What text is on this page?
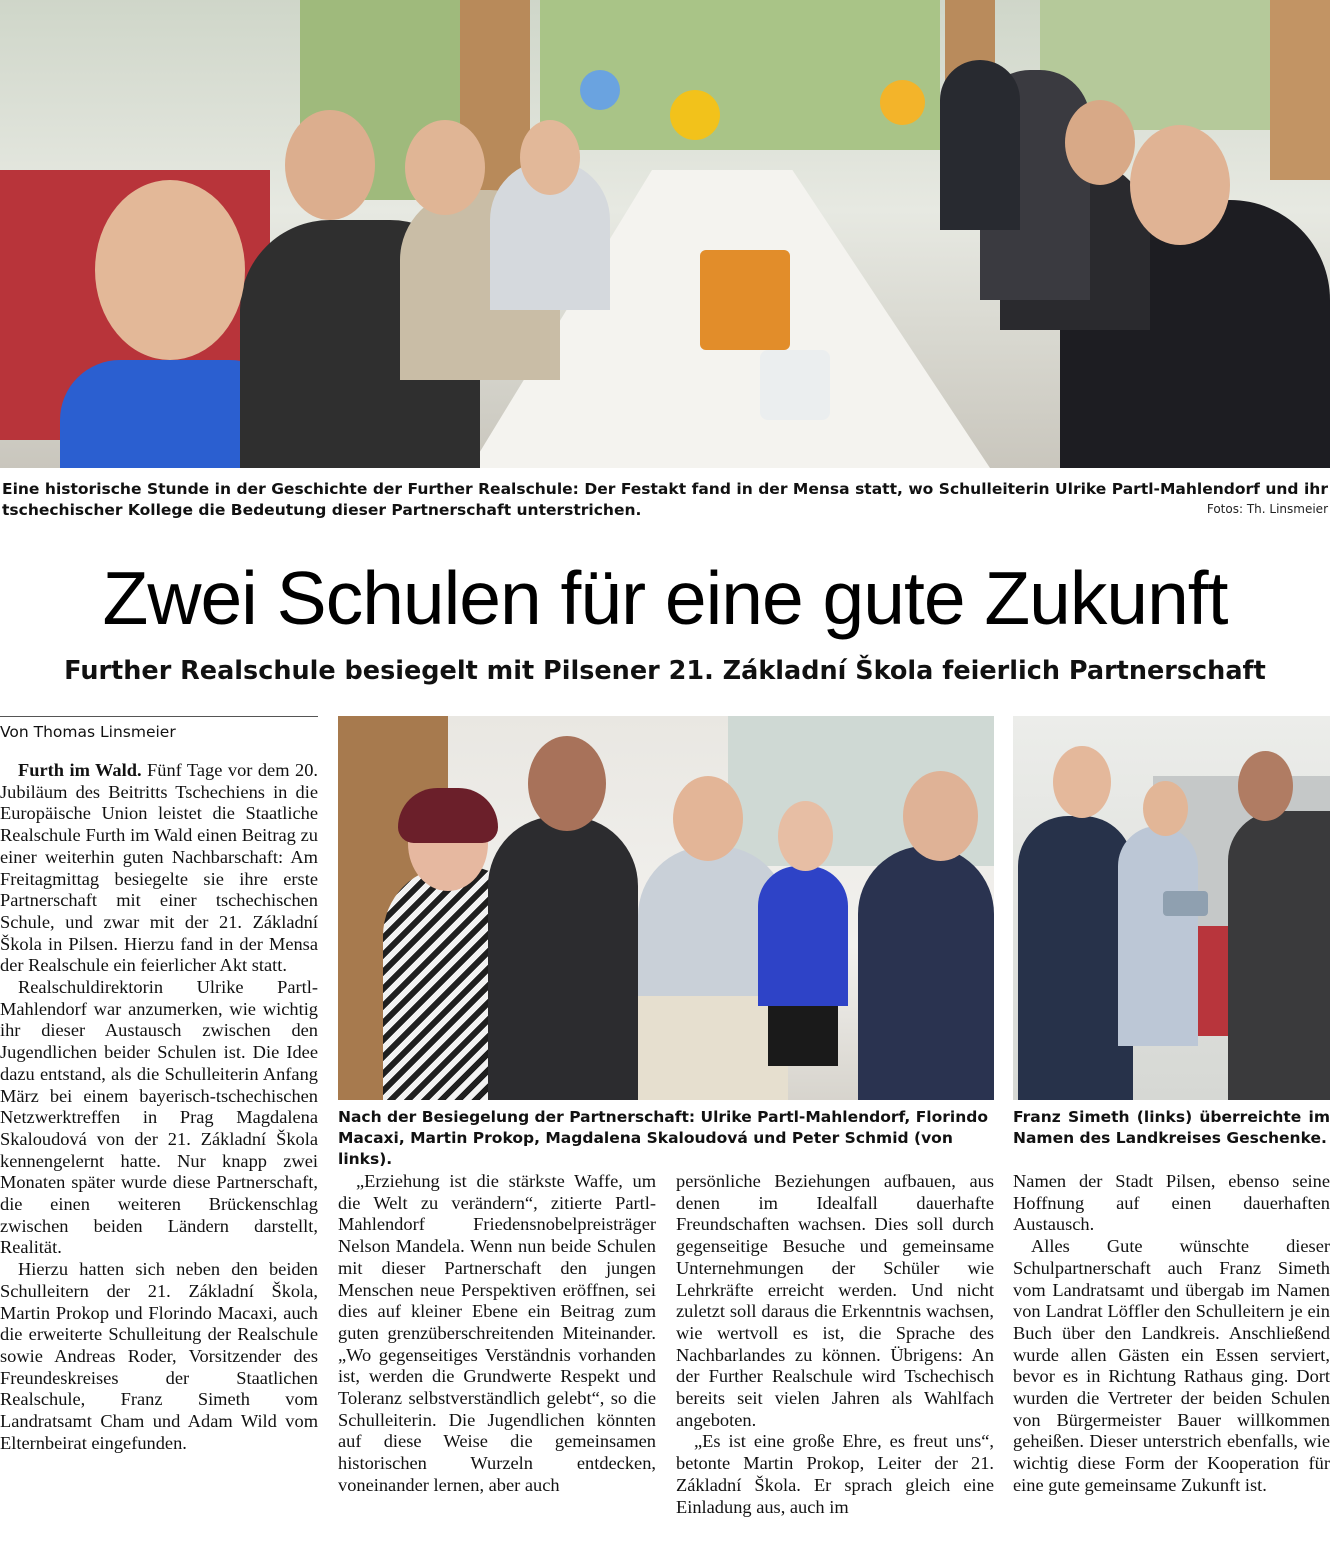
Eine historische Stunde in der Geschichte der Further Realschule: Der Festakt fand in der Mensa statt, wo Schulleiterin Ulrike Partl-Mahlendorf und ihr tschechischer Kollege die Bedeutung dieser Partnerschaft unterstrichen.	Fotos: Th. Linsmeier
Zwei Schulen für eine gute Zukunft
Further Realschule besiegelt mit Pilsener 21. Základní Škola feierlich Partnerschaft
Von Thomas Linsmeier
Nach der Besiegelung der Partnerschaft: Ulrike Partl-Mahlendorf, Florindo Macaxi, Martin Prokop, Magdalena Skaloudová und Peter Schmid (von links).
Franz Simeth (links) überreichte im Namen des Landkreises Geschenke.

Furth im Wald. Fünf Tage vor dem 20. Jubiläum des Beitritts Tschechiens in die Europäische Union leistet die Staatliche Realschule Furth im Wald einen Beitrag zu einer weiterhin guten Nachbarschaft: Am Freitagmittag besiegelte sie ihre erste Partnerschaft mit einer tschechischen Schule, und zwar mit der 21. Základní Škola in Pilsen. Hierzu fand in der Mensa der Realschule ein feierlicher Akt statt.

Realschuldirektorin Ulrike Partl-Mahlendorf war anzumerken, wie wichtig ihr dieser Austausch zwischen den Jugendlichen beider Schulen ist. Die Idee dazu entstand, als die Schulleiterin Anfang März bei einem bayerisch-tschechischen Netzwerktreffen in Prag Magdalena Skaloudová von der 21. Základní Škola kennengelernt hatte. Nur knapp zwei Monaten später wurde diese Partnerschaft, die einen weiteren Brückenschlag zwischen beiden Ländern darstellt, Realität.

Hierzu hatten sich neben den beiden Schulleitern der 21. Základní Škola, Martin Prokop und Florindo Macaxi, auch die erweiterte Schulleitung der Realschule sowie Andreas Roder, Vorsitzender des Freundeskreises der Staatlichen Realschule, Franz Simeth vom Landratsamt Cham und Adam Wild vom Elternbeirat eingefunden.

„Erziehung ist die stärkste Waffe, um die Welt zu verändern“, zitierte Partl-Mahlendorf Friedensnobelpreisträger Nelson Mandela. Wenn nun beide Schulen mit dieser Partnerschaft den jungen Menschen neue Perspektiven eröffnen, sei dies auf kleiner Ebene ein Beitrag zum guten grenzüberschreitenden Miteinander. „Wo gegenseitiges Verständnis vorhanden ist, werden die Grundwerte Respekt und Toleranz selbstverständlich gelebt“, so die Schulleiterin. Die Jugendlichen könnten auf diese Weise die gemeinsamen historischen Wurzeln entdecken, voneinander lernen, aber auch

persönliche Beziehungen aufbauen, aus denen im Idealfall dauerhafte Freundschaften wachsen. Dies soll durch gegenseitige Besuche und gemeinsame Unternehmungen der Schüler wie Lehrkräfte erreicht werden. Und nicht zuletzt soll daraus die Erkenntnis wachsen, wie wertvoll es ist, die Sprache des Nachbarlandes zu können. Übrigens: An der Further Realschule wird Tschechisch bereits seit vielen Jahren als Wahlfach angeboten.

„Es ist eine große Ehre, es freut uns“, betonte Martin Prokop, Leiter der 21. Základní Škola. Er sprach gleich eine Einladung aus, auch im

Namen der Stadt Pilsen, ebenso seine Hoffnung auf einen dauerhaften Austausch.

Alles Gute wünschte dieser Schulpartnerschaft auch Franz Simeth vom Landratsamt und übergab im Namen von Landrat Löffler den Schulleitern je ein Buch über den Landkreis. Anschließend wurde allen Gästen ein Essen serviert, bevor es in Richtung Rathaus ging. Dort wurden die Vertreter der beiden Schulen von Bürgermeister Bauer willkommen geheißen. Dieser unterstrich ebenfalls, wie wichtig diese Form der Kooperation für eine gute gemeinsame Zukunft ist.
